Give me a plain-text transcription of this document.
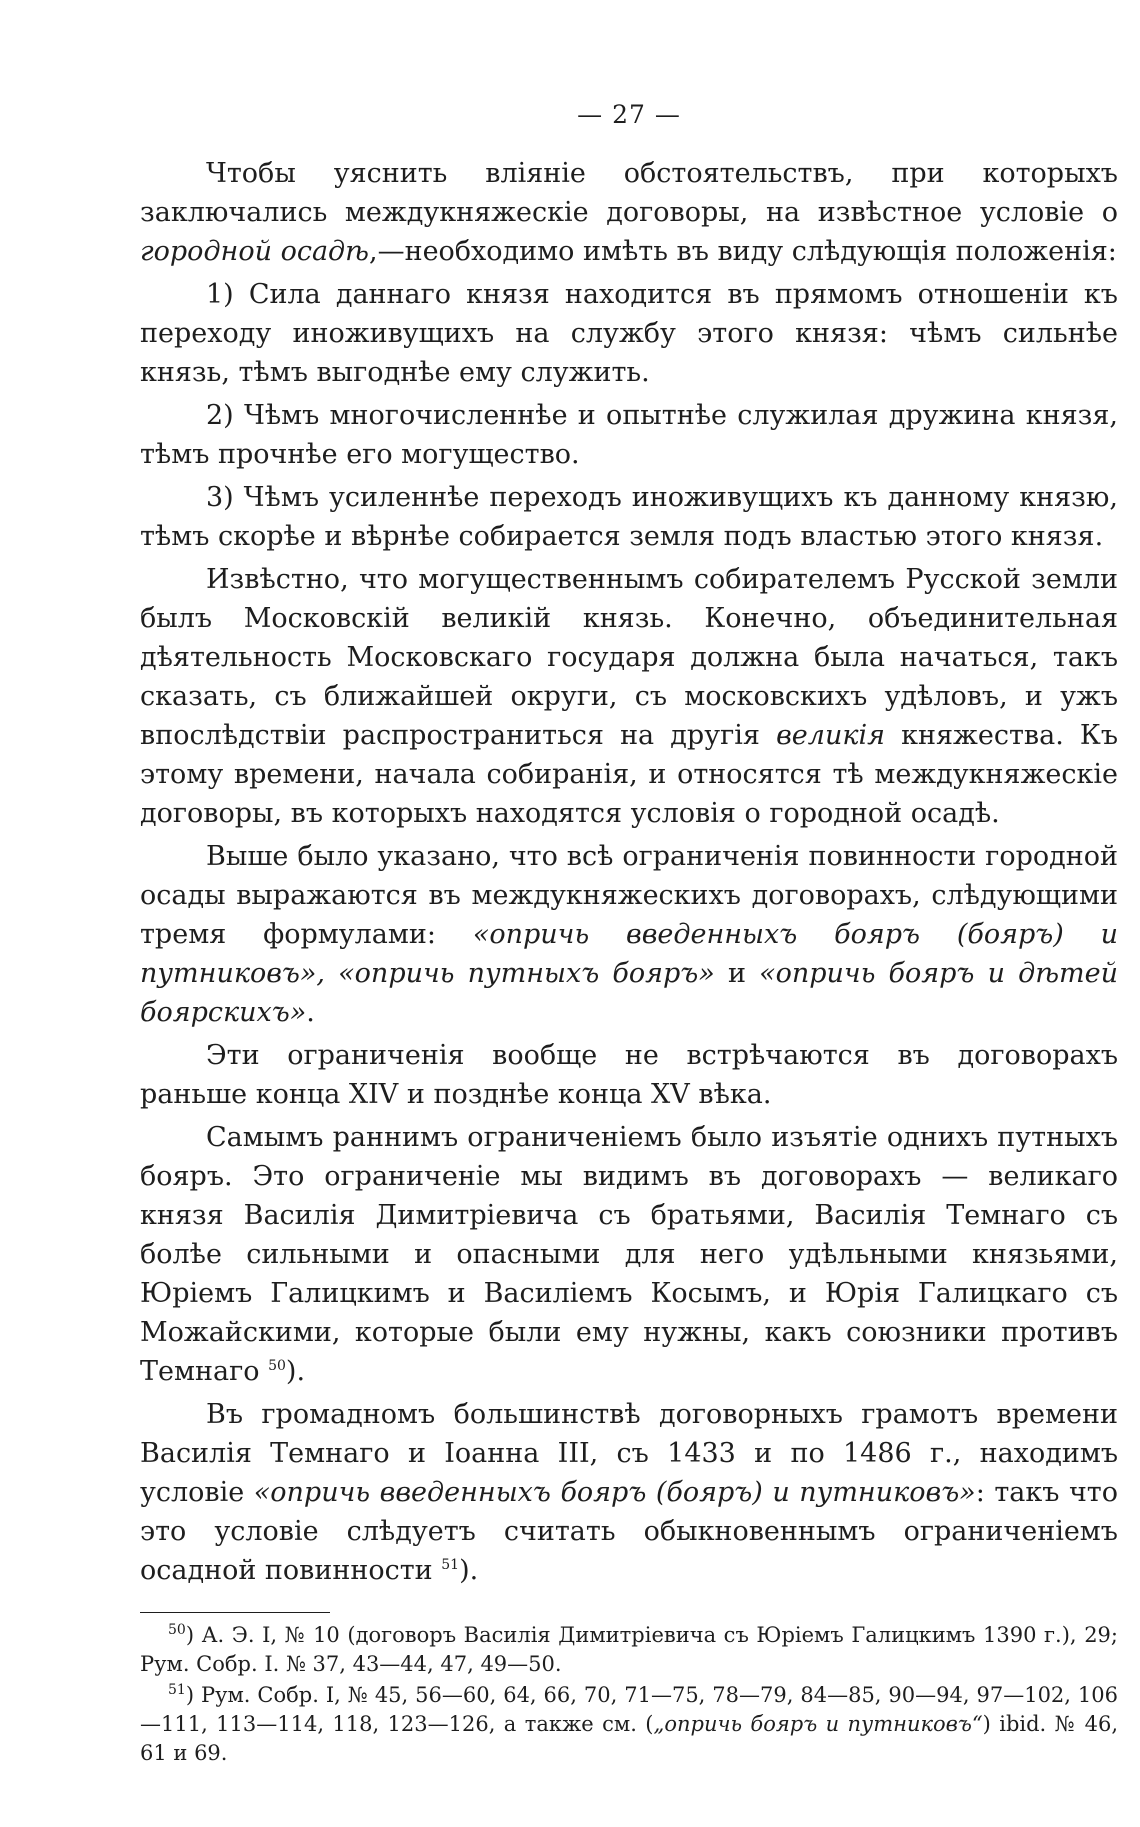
— 27 —

Чтобы уяснить вліяніе обстоятельствъ, при которыхъ заключались междукняжескіе договоры, на извѣстное условіе о городной осадѣ,—необходимо имѣть въ виду слѣдующія положенія:

1) Сила даннаго князя находится въ прямомъ отношеніи къ переходу иноживущихъ на службу этого князя: чѣмъ сильнѣе князь, тѣмъ выгоднѣе ему служить.

2) Чѣмъ многочисленнѣе и опытнѣе служилая дружина князя, тѣмъ прочнѣе его могущество.

3) Чѣмъ усиленнѣе переходъ иноживущихъ къ данному князю, тѣмъ скорѣе и вѣрнѣе собирается земля подъ властью этого князя.

Извѣстно, что могущественнымъ собирателемъ Русской земли былъ Московскій великій князь. Конечно, объединительная дѣятельность Московскаго государя должна была начаться, такъ сказать, съ ближайшей округи, съ московскихъ удѣловъ, и ужъ впослѣдствіи распространиться на другія великія княжества. Къ этому времени, начала собиранія, и относятся тѣ междукняжескіе договоры, въ которыхъ находятся условія о городной осадѣ.

Выше было указано, что всѣ ограниченія повинности городной осады выражаются въ междукняжескихъ договорахъ, слѣдующими тремя формулами: «опричь введенныхъ бояръ (бояръ) и путниковъ», «опричь путныхъ бояръ» и «опричь бояръ и дѣтей боярскихъ».

Эти ограниченія вообще не встрѣчаются въ договорахъ раньше конца XIV и позднѣе конца XV вѣка.

Самымъ раннимъ ограниченіемъ было изъятіе однихъ путныхъ бояръ. Это ограниченіе мы видимъ въ договорахъ — великаго князя Василія Димитріевича съ братьями, Василія Темнаго съ болѣе сильными и опасными для него удѣльными князьями, Юріемъ Галицкимъ и Василіемъ Косымъ, и Юрія Галицкаго съ Можайскими, которые были ему нужны, какъ союзники противъ Темнаго $^{50}$).

Въ громадномъ большинствѣ договорныхъ грамотъ времени Василія Темнаго и Іоанна III, съ 1433 и по 1486 г., находимъ условіе «опричь введенныхъ бояръ (бояръ) и путниковъ»: такъ что это условіе слѣдуетъ считать обыкновеннымъ ограниченіемъ осадной повинности $^{51}$).

$^{50}$) А. Э. I, № 10 (договоръ Василія Димитріевича съ Юріемъ Галицкимъ 1390 г.), 29; Рум. Собр. I. № 37, 43—44, 47, 49—50.

$^{51}$) Рум. Собр. I, № 45, 56—60, 64, 66, 70, 71—75, 78—79, 84—85, 90—94, 97—102, 106—111, 113—114, 118, 123—126, а также см. („опричь бояръ и путниковъ“) ibid. № 46, 61 и 69.
